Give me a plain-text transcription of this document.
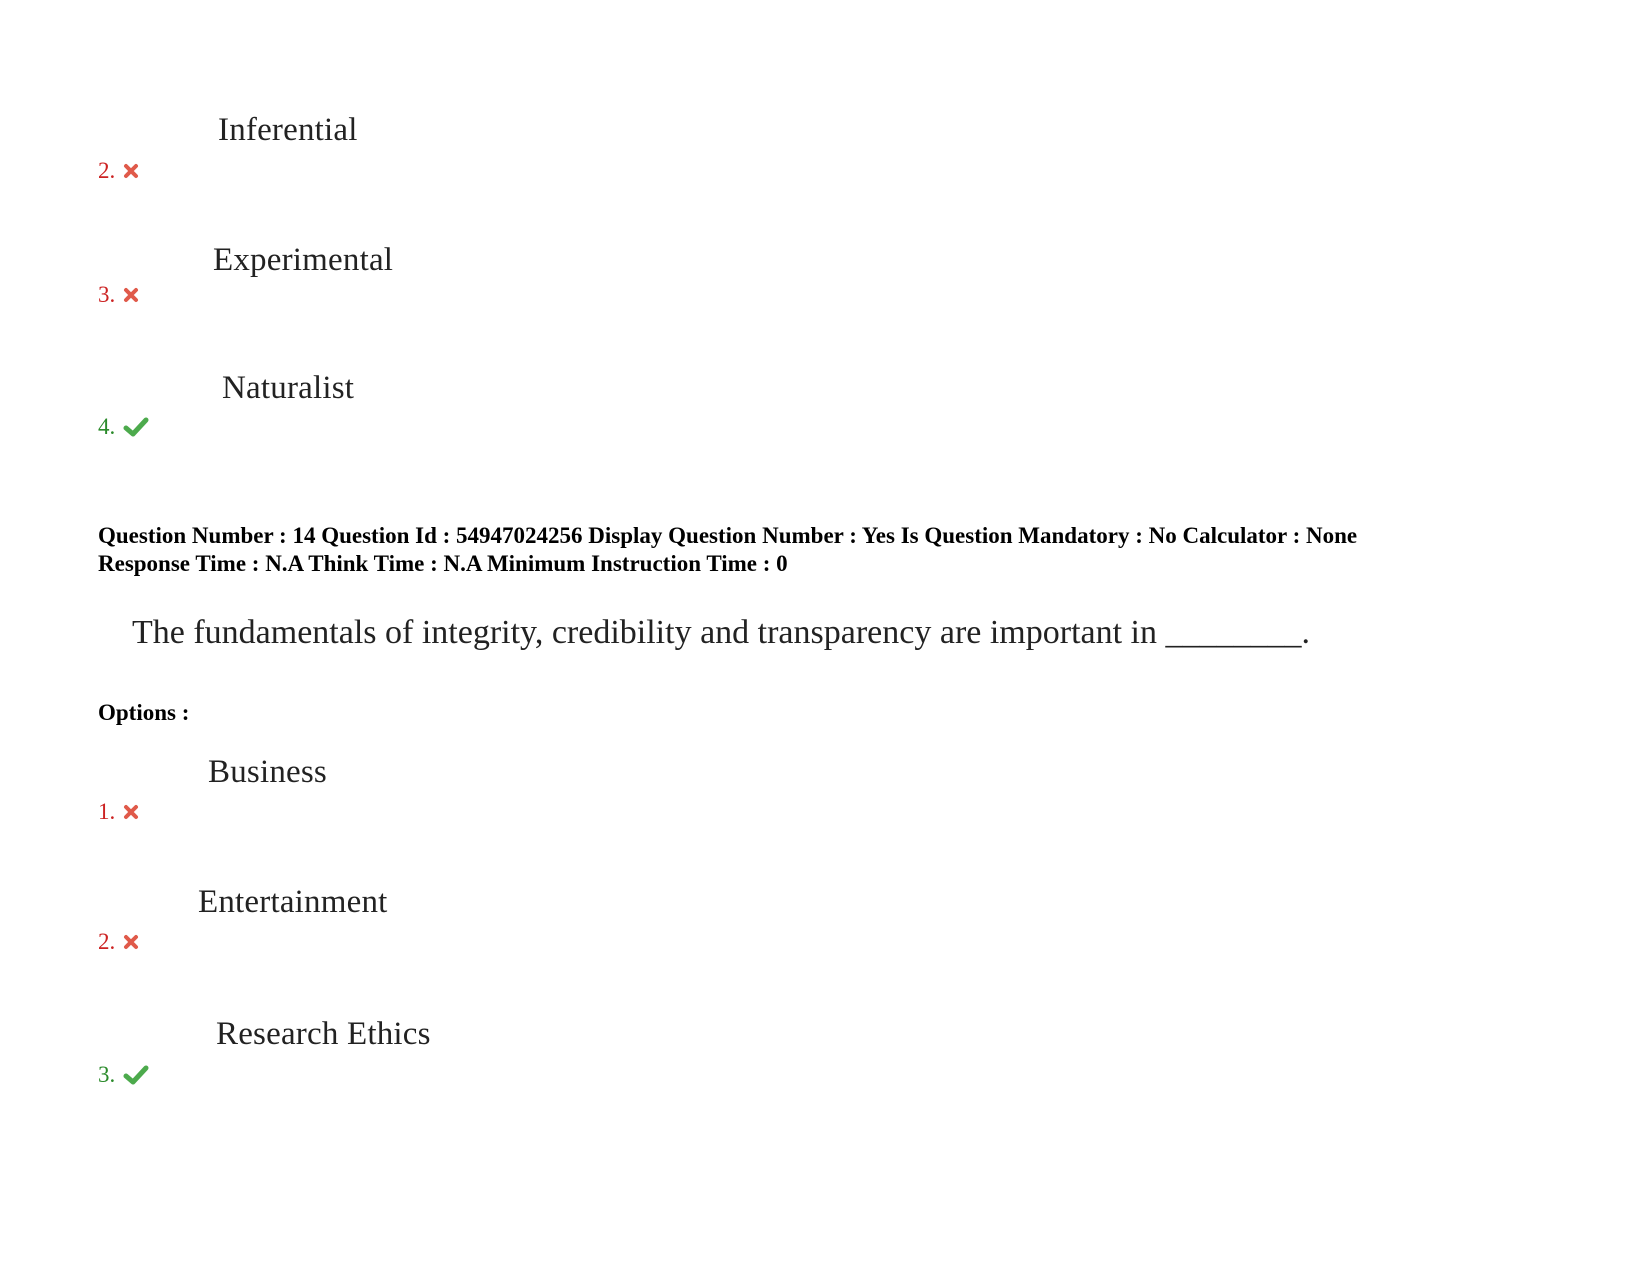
Inferential
2.
Experimental
3.
Naturalist
4.
Question Number : 14 Question Id : 54947024256 Display Question Number : Yes Is Question Mandatory : No Calculator : None
Response Time : N.A Think Time : N.A Minimum Instruction Time : 0
The fundamentals of integrity, credibility and transparency are important in ________.
Options :
Business
1.
Entertainment
2.
Research Ethics
3.
